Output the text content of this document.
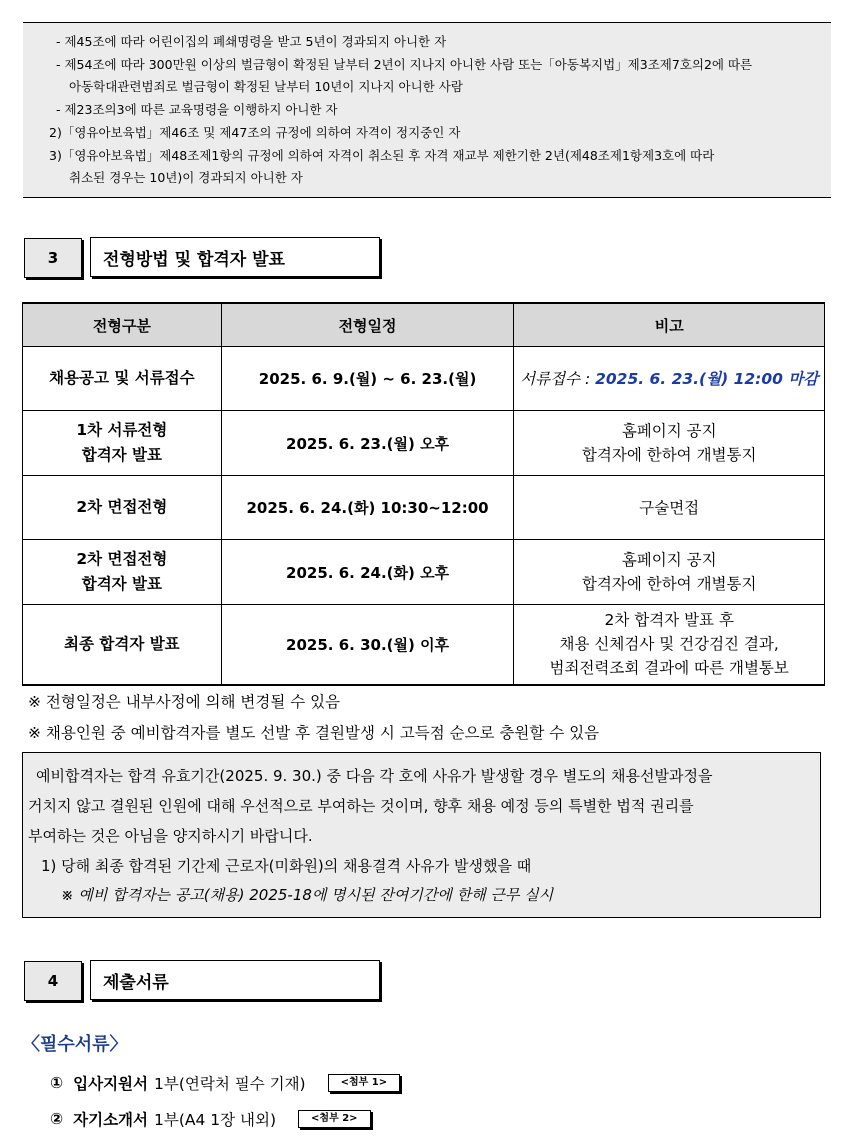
- 제45조에 따라 어린이집의 폐쇄명령을 받고 5년이 경과되지 아니한 자
- 제54조에 따라 300만원 이상의 벌금형이 확정된 날부터 2년이 지나지 아니한 사람 또는「아동복지법」제3조제7호의2에 따른
아동학대관련범죄로 벌금형이 확정된 날부터 10년이 지나지 아니한 사람
- 제23조의3에 따른 교육명령을 이행하지 아니한 자
2)「영유아보육법」제46조 및 제47조의 규정에 의하여 자격이 정지중인 자
3)「영유아보육법」제48조제1항의 규정에 의하여 자격이 취소된 후 자격 재교부 제한기한 2년(제48조제1항제3호에 따라
취소된 경우는 10년)이 경과되지 아니한 자
3	전형방법 및 합격자 발표
전형구분	전형일정	비고
채용공고 및 서류접수	2025. 6. 9.(월) ~ 6. 23.(월)	서류접수 : 2025. 6. 23.(월) 12:00 마감
1차 서류전형
합격자 발표	2025. 6. 23.(월) 오후	홈페이지 공지
합격자에 한하여 개별통지
2차 면접전형	2025. 6. 24.(화) 10:30~12:00	구술면접
2차 면접전형
합격자 발표	2025. 6. 24.(화) 오후	홈페이지 공지
합격자에 한하여 개별통지
최종 합격자 발표	2025. 6. 30.(월) 이후	2차 합격자 발표 후
채용 신체검사 및 건강검진 결과,
범죄전력조회 결과에 따른 개별통보
※ 전형일정은 내부사정에 의해 변경될 수 있음
※ 채용인원 중 예비합격자를 별도 선발 후 결원발생 시 고득점 순으로 충원할 수 있음
예비합격자는 합격 유효기간(2025. 9. 30.) 중 다음 각 호에 사유가 발생할 경우 별도의 채용선발과정을
거치지 않고 결원된 인원에 대해 우선적으로 부여하는 것이며, 향후 채용 예정 등의 특별한 법적 권리를
부여하는 것은 아님을 양지하시기 바랍니다.
1) 당해 최종 합격된 기간제 근로자(미화원)의 채용결격 사유가 발생했을 때
※ 예비 합격자는 공고(채용) 2025-18에 명시된 잔여기간에 한해 근무 실시
4	제출서류
〈필수서류〉
① 입사지원서 1부(연락처 필수 기재)	<첨부 1>
② 자기소개서 1부(A4 1장 내외)	<첨부 2>
